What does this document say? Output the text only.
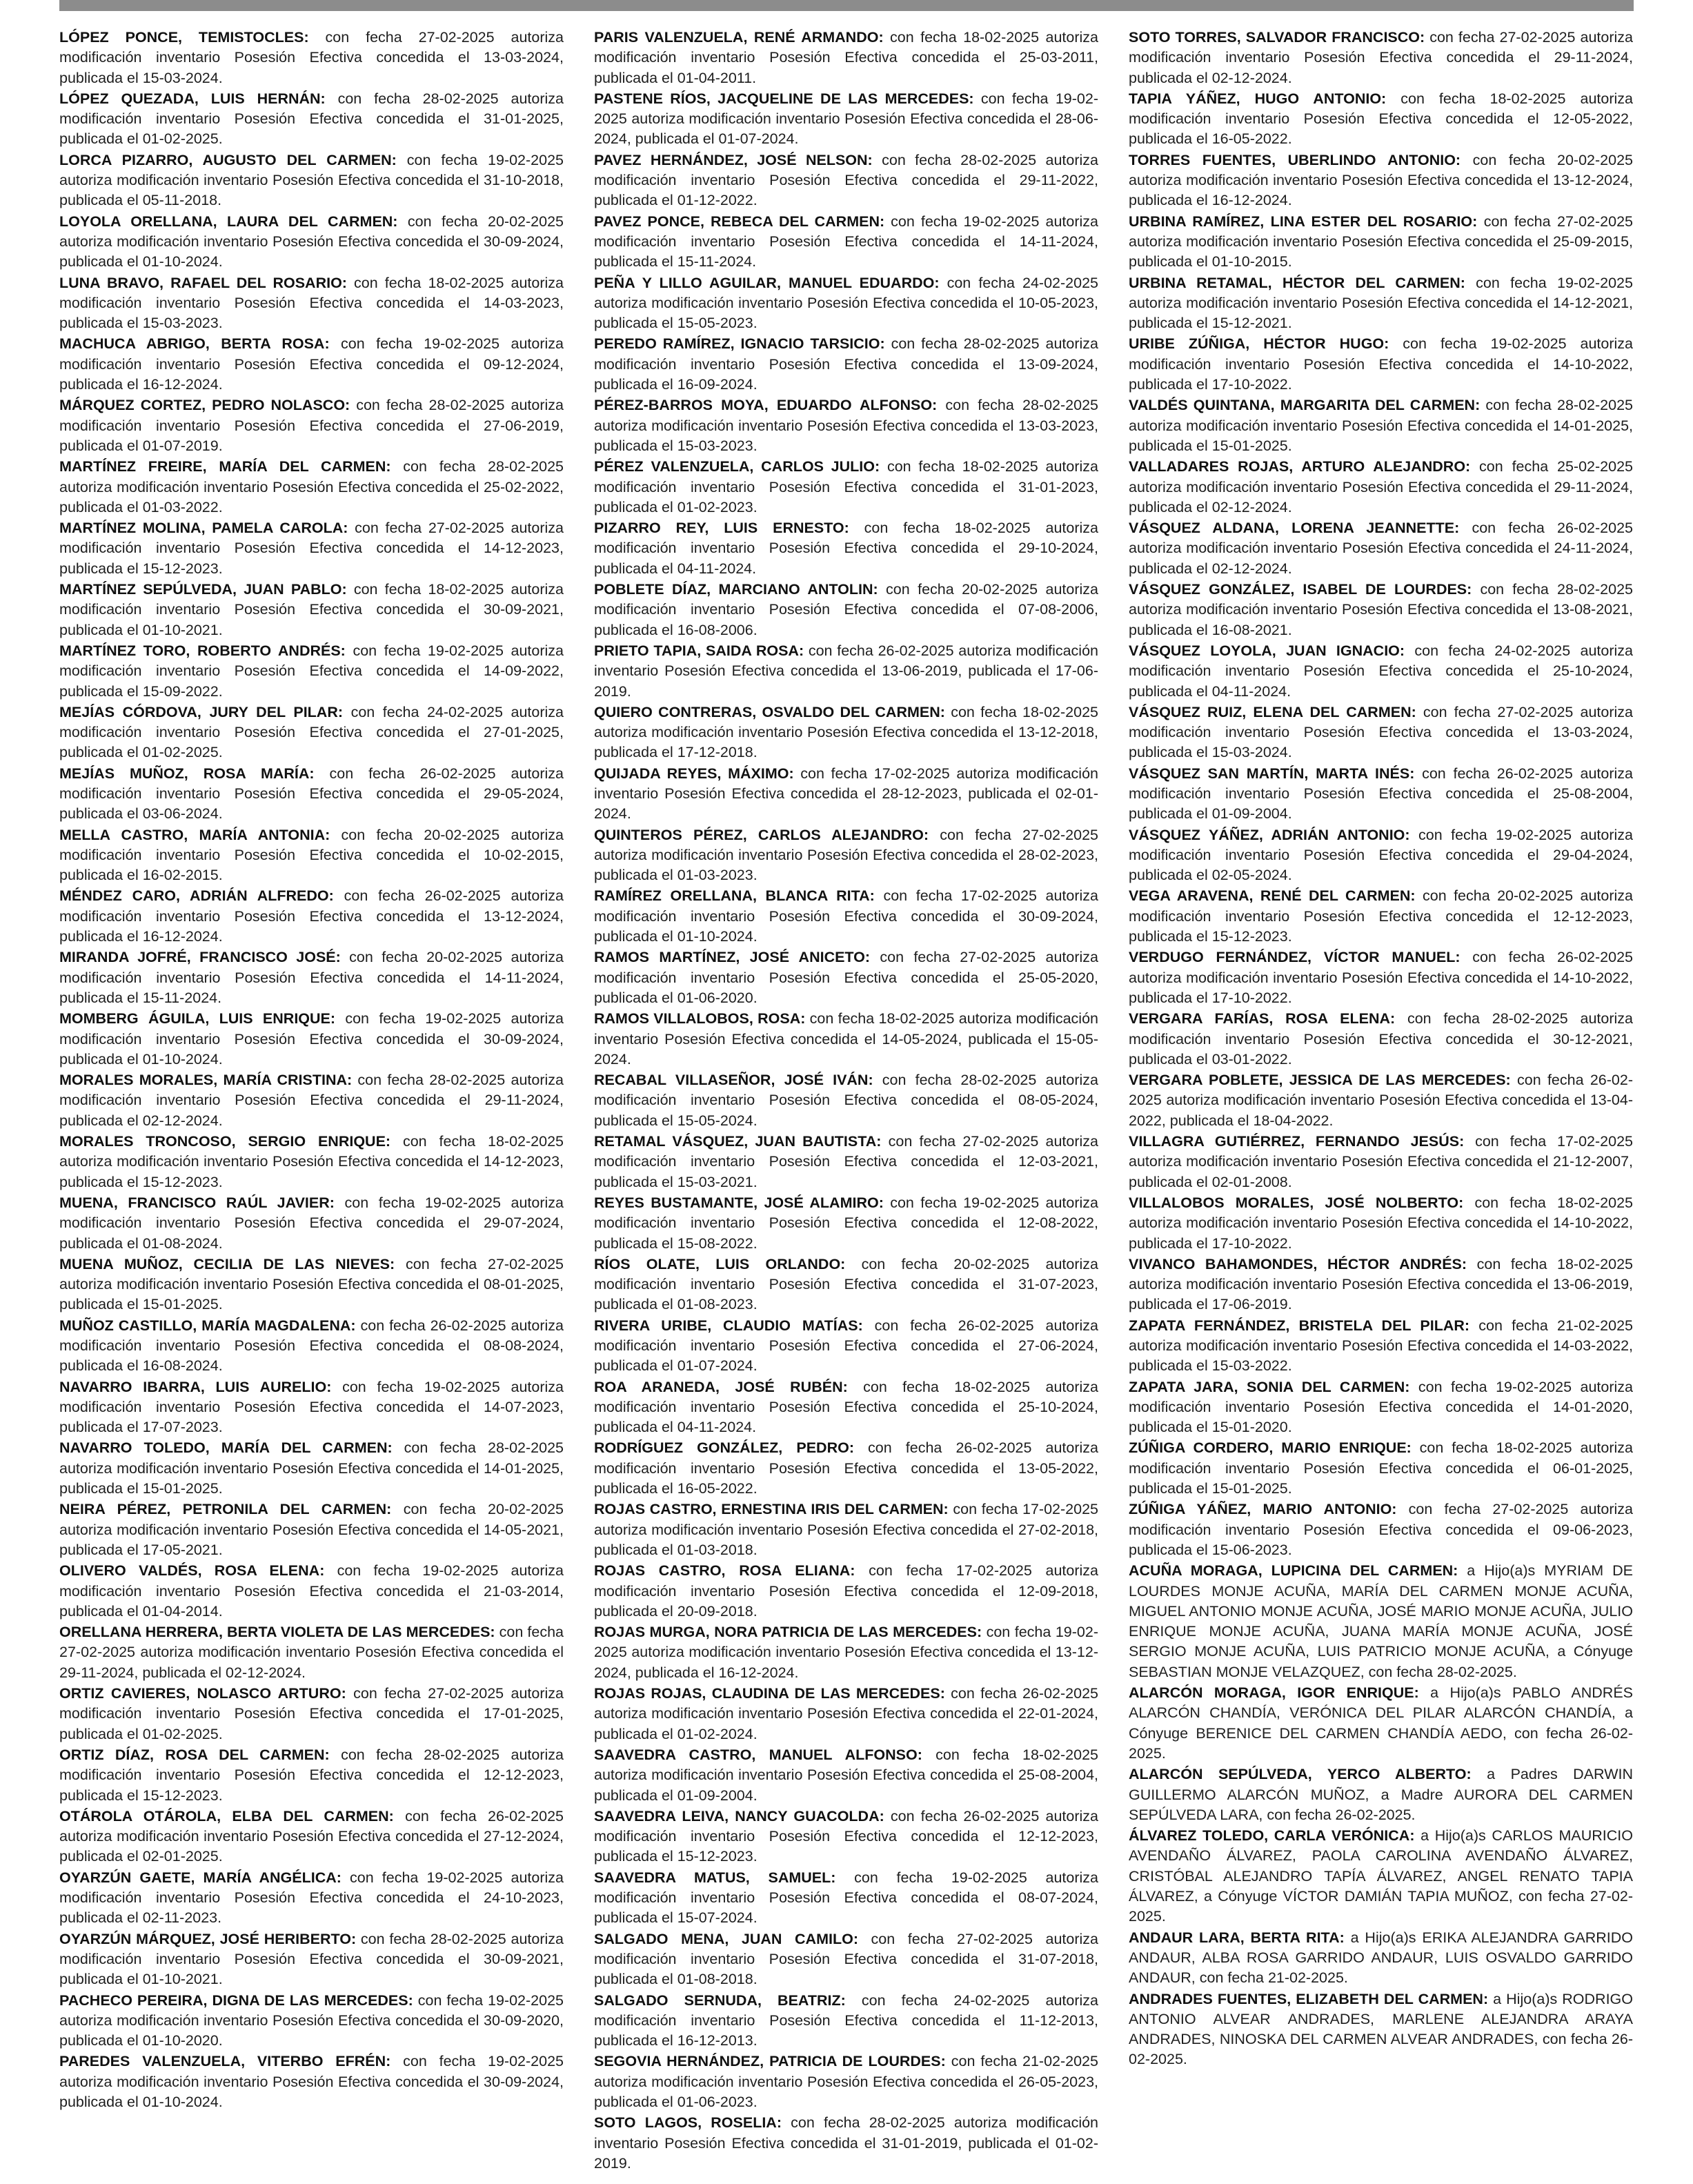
LÓPEZ PONCE, TEMISTOCLES: con fecha 27-02-2025 autoriza modificación inventario Posesión Efectiva concedida el 13-03-2024, publicada el 15-03-2024.

LÓPEZ QUEZADA, LUIS HERNÁN: con fecha 28-02-2025 autoriza modificación inventario Posesión Efectiva concedida el 31-01-2025, publicada el 01-02-2025.

LORCA PIZARRO, AUGUSTO DEL CARMEN: con fecha 19-02-2025 autoriza modificación inventario Posesión Efectiva concedida el 31-10-2018, publicada el 05-11-2018.

LOYOLA ORELLANA, LAURA DEL CARMEN: con fecha 20-02-2025 autoriza modificación inventario Posesión Efectiva concedida el 30-09-2024, publicada el 01-10-2024.

LUNA BRAVO, RAFAEL DEL ROSARIO: con fecha 18-02-2025 autoriza modificación inventario Posesión Efectiva concedida el 14-03-2023, publicada el 15-03-2023.

MACHUCA ABRIGO, BERTA ROSA: con fecha 19-02-2025 autoriza modificación inventario Posesión Efectiva concedida el 09-12-2024, publicada el 16-12-2024.

MÁRQUEZ CORTEZ, PEDRO NOLASCO: con fecha 28-02-2025 autoriza modificación inventario Posesión Efectiva concedida el 27-06-2019, publicada el 01-07-2019.

MARTÍNEZ FREIRE, MARÍA DEL CARMEN: con fecha 28-02-2025 autoriza modificación inventario Posesión Efectiva concedida el 25-02-2022, publicada el 01-03-2022.

MARTÍNEZ MOLINA, PAMELA CAROLA: con fecha 27-02-2025 autoriza modificación inventario Posesión Efectiva concedida el 14-12-2023, publicada el 15-12-2023.

MARTÍNEZ SEPÚLVEDA, JUAN PABLO: con fecha 18-02-2025 autoriza modificación inventario Posesión Efectiva concedida el 30-09-2021, publicada el 01-10-2021.

MARTÍNEZ TORO, ROBERTO ANDRÉS: con fecha 19-02-2025 autoriza modificación inventario Posesión Efectiva concedida el 14-09-2022, publicada el 15-09-2022.

MEJÍAS CÓRDOVA, JURY DEL PILAR: con fecha 24-02-2025 autoriza modificación inventario Posesión Efectiva concedida el 27-01-2025, publicada el 01-02-2025.

MEJÍAS MUÑOZ, ROSA MARÍA: con fecha 26-02-2025 autoriza modificación inventario Posesión Efectiva concedida el 29-05-2024, publicada el 03-06-2024.

MELLA CASTRO, MARÍA ANTONIA: con fecha 20-02-2025 autoriza modificación inventario Posesión Efectiva concedida el 10-02-2015, publicada el 16-02-2015.

MÉNDEZ CARO, ADRIÁN ALFREDO: con fecha 26-02-2025 autoriza modificación inventario Posesión Efectiva concedida el 13-12-2024, publicada el 16-12-2024.

MIRANDA JOFRÉ, FRANCISCO JOSÉ: con fecha 20-02-2025 autoriza modificación inventario Posesión Efectiva concedida el 14-11-2024, publicada el 15-11-2024.

MOMBERG ÁGUILA, LUIS ENRIQUE: con fecha 19-02-2025 autoriza modificación inventario Posesión Efectiva concedida el 30-09-2024, publicada el 01-10-2024.

MORALES MORALES, MARÍA CRISTINA: con fecha 28-02-2025 autoriza modificación inventario Posesión Efectiva concedida el 29-11-2024, publicada el 02-12-2024.

MORALES TRONCOSO, SERGIO ENRIQUE: con fecha 18-02-2025 autoriza modificación inventario Posesión Efectiva concedida el 14-12-2023, publicada el 15-12-2023.

MUENA, FRANCISCO RAÚL JAVIER: con fecha 19-02-2025 autoriza modificación inventario Posesión Efectiva concedida el 29-07-2024, publicada el 01-08-2024.

MUENA MUÑOZ, CECILIA DE LAS NIEVES: con fecha 27-02-2025 autoriza modificación inventario Posesión Efectiva concedida el 08-01-2025, publicada el 15-01-2025.

MUÑOZ CASTILLO, MARÍA MAGDALENA: con fecha 26-02-2025 autoriza modificación inventario Posesión Efectiva concedida el 08-08-2024, publicada el 16-08-2024.

NAVARRO IBARRA, LUIS AURELIO: con fecha 19-02-2025 autoriza modificación inventario Posesión Efectiva concedida el 14-07-2023, publicada el 17-07-2023.

NAVARRO TOLEDO, MARÍA DEL CARMEN: con fecha 28-02-2025 autoriza modificación inventario Posesión Efectiva concedida el 14-01-2025, publicada el 15-01-2025.

NEIRA PÉREZ, PETRONILA DEL CARMEN: con fecha 20-02-2025 autoriza modificación inventario Posesión Efectiva concedida el 14-05-2021, publicada el 17-05-2021.

OLIVERO VALDÉS, ROSA ELENA: con fecha 19-02-2025 autoriza modificación inventario Posesión Efectiva concedida el 21-03-2014, publicada el 01-04-2014.

ORELLANA HERRERA, BERTA VIOLETA DE LAS MERCEDES: con fecha 27-02-2025 autoriza modificación inventario Posesión Efectiva concedida el 29-11-2024, publicada el 02-12-2024.

ORTIZ CAVIERES, NOLASCO ARTURO: con fecha 27-02-2025 autoriza modificación inventario Posesión Efectiva concedida el 17-01-2025, publicada el 01-02-2025.

ORTIZ DÍAZ, ROSA DEL CARMEN: con fecha 28-02-2025 autoriza modificación inventario Posesión Efectiva concedida el 12-12-2023, publicada el 15-12-2023.

OTÁROLA OTÁROLA, ELBA DEL CARMEN: con fecha 26-02-2025 autoriza modificación inventario Posesión Efectiva concedida el 27-12-2024, publicada el 02-01-2025.

OYARZÚN GAETE, MARÍA ANGÉLICA: con fecha 19-02-2025 autoriza modificación inventario Posesión Efectiva concedida el 24-10-2023, publicada el 02-11-2023.

OYARZÚN MÁRQUEZ, JOSÉ HERIBERTO: con fecha 28-02-2025 autoriza modificación inventario Posesión Efectiva concedida el 30-09-2021, publicada el 01-10-2021.

PACHECO PEREIRA, DIGNA DE LAS MERCEDES: con fecha 19-02-2025 autoriza modificación inventario Posesión Efectiva concedida el 30-09-2020, publicada el 01-10-2020.

PAREDES VALENZUELA, VITERBO EFRÉN: con fecha 19-02-2025 autoriza modificación inventario Posesión Efectiva concedida el 30-09-2024, publicada el 01-10-2024.

PARIS VALENZUELA, RENÉ ARMANDO: con fecha 18-02-2025 autoriza modificación inventario Posesión Efectiva concedida el 25-03-2011, publicada el 01-04-2011.

PASTENE RÍOS, JACQUELINE DE LAS MERCEDES: con fecha 19-02-2025 autoriza modificación inventario Posesión Efectiva concedida el 28-06-2024, publicada el 01-07-2024.

PAVEZ HERNÁNDEZ, JOSÉ NELSON: con fecha 28-02-2025 autoriza modificación inventario Posesión Efectiva concedida el 29-11-2022, publicada el 01-12-2022.

PAVEZ PONCE, REBECA DEL CARMEN: con fecha 19-02-2025 autoriza modificación inventario Posesión Efectiva concedida el 14-11-2024, publicada el 15-11-2024.

PEÑA Y LILLO AGUILAR, MANUEL EDUARDO: con fecha 24-02-2025 autoriza modificación inventario Posesión Efectiva concedida el 10-05-2023, publicada el 15-05-2023.

PEREDO RAMÍREZ, IGNACIO TARSICIO: con fecha 28-02-2025 autoriza modificación inventario Posesión Efectiva concedida el 13-09-2024, publicada el 16-09-2024.

PÉREZ-BARROS MOYA, EDUARDO ALFONSO: con fecha 28-02-2025 autoriza modificación inventario Posesión Efectiva concedida el 13-03-2023, publicada el 15-03-2023.

PÉREZ VALENZUELA, CARLOS JULIO: con fecha 18-02-2025 autoriza modificación inventario Posesión Efectiva concedida el 31-01-2023, publicada el 01-02-2023.

PIZARRO REY, LUIS ERNESTO: con fecha 18-02-2025 autoriza modificación inventario Posesión Efectiva concedida el 29-10-2024, publicada el 04-11-2024.

POBLETE DÍAZ, MARCIANO ANTOLIN: con fecha 20-02-2025 autoriza modificación inventario Posesión Efectiva concedida el 07-08-2006, publicada el 16-08-2006.

PRIETO TAPIA, SAIDA ROSA: con fecha 26-02-2025 autoriza modificación inventario Posesión Efectiva concedida el 13-06-2019, publicada el 17-06-2019.

QUIERO CONTRERAS, OSVALDO DEL CARMEN: con fecha 18-02-2025 autoriza modificación inventario Posesión Efectiva concedida el 13-12-2018, publicada el 17-12-2018.

QUIJADA REYES, MÁXIMO: con fecha 17-02-2025 autoriza modificación inventario Posesión Efectiva concedida el 28-12-2023, publicada el 02-01-2024.

QUINTEROS PÉREZ, CARLOS ALEJANDRO: con fecha 27-02-2025 autoriza modificación inventario Posesión Efectiva concedida el 28-02-2023, publicada el 01-03-2023.

RAMÍREZ ORELLANA, BLANCA RITA: con fecha 17-02-2025 autoriza modificación inventario Posesión Efectiva concedida el 30-09-2024, publicada el 01-10-2024.

RAMOS MARTÍNEZ, JOSÉ ANICETO: con fecha 27-02-2025 autoriza modificación inventario Posesión Efectiva concedida el 25-05-2020, publicada el 01-06-2020.

RAMOS VILLALOBOS, ROSA: con fecha 18-02-2025 autoriza modificación inventario Posesión Efectiva concedida el 14-05-2024, publicada el 15-05-2024.

RECABAL VILLASEÑOR, JOSÉ IVÁN: con fecha 28-02-2025 autoriza modificación inventario Posesión Efectiva concedida el 08-05-2024, publicada el 15-05-2024.

RETAMAL VÁSQUEZ, JUAN BAUTISTA: con fecha 27-02-2025 autoriza modificación inventario Posesión Efectiva concedida el 12-03-2021, publicada el 15-03-2021.

REYES BUSTAMANTE, JOSÉ ALAMIRO: con fecha 19-02-2025 autoriza modificación inventario Posesión Efectiva concedida el 12-08-2022, publicada el 15-08-2022.

RÍOS OLATE, LUIS ORLANDO: con fecha 20-02-2025 autoriza modificación inventario Posesión Efectiva concedida el 31-07-2023, publicada el 01-08-2023.

RIVERA URIBE, CLAUDIO MATÍAS: con fecha 26-02-2025 autoriza modificación inventario Posesión Efectiva concedida el 27-06-2024, publicada el 01-07-2024.

ROA ARANEDA, JOSÉ RUBÉN: con fecha 18-02-2025 autoriza modificación inventario Posesión Efectiva concedida el 25-10-2024, publicada el 04-11-2024.

RODRÍGUEZ GONZÁLEZ, PEDRO: con fecha 26-02-2025 autoriza modificación inventario Posesión Efectiva concedida el 13-05-2022, publicada el 16-05-2022.

ROJAS CASTRO, ERNESTINA IRIS DEL CARMEN: con fecha 17-02-2025 autoriza modificación inventario Posesión Efectiva concedida el 27-02-2018, publicada el 01-03-2018.

ROJAS CASTRO, ROSA ELIANA: con fecha 17-02-2025 autoriza modificación inventario Posesión Efectiva concedida el 12-09-2018, publicada el 20-09-2018.

ROJAS MURGA, NORA PATRICIA DE LAS MERCEDES: con fecha 19-02-2025 autoriza modificación inventario Posesión Efectiva concedida el 13-12-2024, publicada el 16-12-2024.

ROJAS ROJAS, CLAUDINA DE LAS MERCEDES: con fecha 26-02-2025 autoriza modificación inventario Posesión Efectiva concedida el 22-01-2024, publicada el 01-02-2024.

SAAVEDRA CASTRO, MANUEL ALFONSO: con fecha 18-02-2025 autoriza modificación inventario Posesión Efectiva concedida el 25-08-2004, publicada el 01-09-2004.

SAAVEDRA LEIVA, NANCY GUACOLDA: con fecha 26-02-2025 autoriza modificación inventario Posesión Efectiva concedida el 12-12-2023, publicada el 15-12-2023.

SAAVEDRA MATUS, SAMUEL: con fecha 19-02-2025 autoriza modificación inventario Posesión Efectiva concedida el 08-07-2024, publicada el 15-07-2024.

SALGADO MENA, JUAN CAMILO: con fecha 27-02-2025 autoriza modificación inventario Posesión Efectiva concedida el 31-07-2018, publicada el 01-08-2018.

SALGADO SERNUDA, BEATRIZ: con fecha 24-02-2025 autoriza modificación inventario Posesión Efectiva concedida el 11-12-2013, publicada el 16-12-2013.

SEGOVIA HERNÁNDEZ, PATRICIA DE LOURDES: con fecha 21-02-2025 autoriza modificación inventario Posesión Efectiva concedida el 26-05-2023, publicada el 01-06-2023.

SOTO LAGOS, ROSELIA: con fecha 28-02-2025 autoriza modificación inventario Posesión Efectiva concedida el 31-01-2019, publicada el 01-02-2019.

SOTO TORRES, SALVADOR FRANCISCO: con fecha 27-02-2025 autoriza modificación inventario Posesión Efectiva concedida el 29-11-2024, publicada el 02-12-2024.

TAPIA YÁÑEZ, HUGO ANTONIO: con fecha 18-02-2025 autoriza modificación inventario Posesión Efectiva concedida el 12-05-2022, publicada el 16-05-2022.

TORRES FUENTES, UBERLINDO ANTONIO: con fecha 20-02-2025 autoriza modificación inventario Posesión Efectiva concedida el 13-12-2024, publicada el 16-12-2024.

URBINA RAMÍREZ, LINA ESTER DEL ROSARIO: con fecha 27-02-2025 autoriza modificación inventario Posesión Efectiva concedida el 25-09-2015, publicada el 01-10-2015.

URBINA RETAMAL, HÉCTOR DEL CARMEN: con fecha 19-02-2025 autoriza modificación inventario Posesión Efectiva concedida el 14-12-2021, publicada el 15-12-2021.

URIBE ZÚÑIGA, HÉCTOR HUGO: con fecha 19-02-2025 autoriza modificación inventario Posesión Efectiva concedida el 14-10-2022, publicada el 17-10-2022.

VALDÉS QUINTANA, MARGARITA DEL CARMEN: con fecha 28-02-2025 autoriza modificación inventario Posesión Efectiva concedida el 14-01-2025, publicada el 15-01-2025.

VALLADARES ROJAS, ARTURO ALEJANDRO: con fecha 25-02-2025 autoriza modificación inventario Posesión Efectiva concedida el 29-11-2024, publicada el 02-12-2024.

VÁSQUEZ ALDANA, LORENA JEANNETTE: con fecha 26-02-2025 autoriza modificación inventario Posesión Efectiva concedida el 24-11-2024, publicada el 02-12-2024.

VÁSQUEZ GONZÁLEZ, ISABEL DE LOURDES: con fecha 28-02-2025 autoriza modificación inventario Posesión Efectiva concedida el 13-08-2021, publicada el 16-08-2021.

VÁSQUEZ LOYOLA, JUAN IGNACIO: con fecha 24-02-2025 autoriza modificación inventario Posesión Efectiva concedida el 25-10-2024, publicada el 04-11-2024.

VÁSQUEZ RUIZ, ELENA DEL CARMEN: con fecha 27-02-2025 autoriza modificación inventario Posesión Efectiva concedida el 13-03-2024, publicada el 15-03-2024.

VÁSQUEZ SAN MARTÍN, MARTA INÉS: con fecha 26-02-2025 autoriza modificación inventario Posesión Efectiva concedida el 25-08-2004, publicada el 01-09-2004.

VÁSQUEZ YÁÑEZ, ADRIÁN ANTONIO: con fecha 19-02-2025 autoriza modificación inventario Posesión Efectiva concedida el 29-04-2024, publicada el 02-05-2024.

VEGA ARAVENA, RENÉ DEL CARMEN: con fecha 20-02-2025 autoriza modificación inventario Posesión Efectiva concedida el 12-12-2023, publicada el 15-12-2023.

VERDUGO FERNÁNDEZ, VÍCTOR MANUEL: con fecha 26-02-2025 autoriza modificación inventario Posesión Efectiva concedida el 14-10-2022, publicada el 17-10-2022.

VERGARA FARÍAS, ROSA ELENA: con fecha 28-02-2025 autoriza modificación inventario Posesión Efectiva concedida el 30-12-2021, publicada el 03-01-2022.

VERGARA POBLETE, JESSICA DE LAS MERCEDES: con fecha 26-02-2025 autoriza modificación inventario Posesión Efectiva concedida el 13-04-2022, publicada el 18-04-2022.

VILLAGRA GUTIÉRREZ, FERNANDO JESÚS: con fecha 17-02-2025 autoriza modificación inventario Posesión Efectiva concedida el 21-12-2007, publicada el 02-01-2008.

VILLALOBOS MORALES, JOSÉ NOLBERTO: con fecha 18-02-2025 autoriza modificación inventario Posesión Efectiva concedida el 14-10-2022, publicada el 17-10-2022.

VIVANCO BAHAMONDES, HÉCTOR ANDRÉS: con fecha 18-02-2025 autoriza modificación inventario Posesión Efectiva concedida el 13-06-2019, publicada el 17-06-2019.

ZAPATA FERNÁNDEZ, BRISTELA DEL PILAR: con fecha 21-02-2025 autoriza modificación inventario Posesión Efectiva concedida el 14-03-2022, publicada el 15-03-2022.

ZAPATA JARA, SONIA DEL CARMEN: con fecha 19-02-2025 autoriza modificación inventario Posesión Efectiva concedida el 14-01-2020, publicada el 15-01-2020.

ZÚÑIGA CORDERO, MARIO ENRIQUE: con fecha 18-02-2025 autoriza modificación inventario Posesión Efectiva concedida el 06-01-2025, publicada el 15-01-2025.

ZÚÑIGA YÁÑEZ, MARIO ANTONIO: con fecha 27-02-2025 autoriza modificación inventario Posesión Efectiva concedida el 09-06-2023, publicada el 15-06-2023.

ACUÑA MORAGA, LUPICINA DEL CARMEN: a Hijo(a)s MYRIAM DE LOURDES MONJE ACUÑA, MARÍA DEL CARMEN MONJE ACUÑA, MIGUEL ANTONIO MONJE ACUÑA, JOSÉ MARIO MONJE ACUÑA, JULIO ENRIQUE MONJE ACUÑA, JUANA MARÍA MONJE ACUÑA, JOSÉ SERGIO MONJE ACUÑA, LUIS PATRICIO MONJE ACUÑA, a Cónyuge SEBASTIAN MONJE VELAZQUEZ, con fecha 28-02-2025.

ALARCÓN MORAGA, IGOR ENRIQUE: a Hijo(a)s PABLO ANDRÉS ALARCÓN CHANDÍA, VERÓNICA DEL PILAR ALARCÓN CHANDÍA, a Cónyuge BERENICE DEL CARMEN CHANDÍA AEDO, con fecha 26-02-2025.

ALARCÓN SEPÚLVEDA, YERCO ALBERTO: a Padres DARWIN GUILLERMO ALARCÓN MUÑOZ, a Madre AURORA DEL CARMEN SEPÚLVEDA LARA, con fecha 26-02-2025.

ÁLVAREZ TOLEDO, CARLA VERÓNICA: a Hijo(a)s CARLOS MAURICIO AVENDAÑO ÁLVAREZ, PAOLA CAROLINA AVENDAÑO ÁLVAREZ, CRISTÓBAL ALEJANDRO TAPÍA ÁLVAREZ, ANGEL RENATO TAPIA ÁLVAREZ, a Cónyuge VÍCTOR DAMIÁN TAPIA MUÑOZ, con fecha 27-02-2025.

ANDAUR LARA, BERTA RITA: a Hijo(a)s ERIKA ALEJANDRA GARRIDO ANDAUR, ALBA ROSA GARRIDO ANDAUR, LUIS OSVALDO GARRIDO ANDAUR, con fecha 21-02-2025.

ANDRADES FUENTES, ELIZABETH DEL CARMEN: a Hijo(a)s RODRIGO ANTONIO ALVEAR ANDRADES, MARLENE ALEJANDRA ARAYA ANDRADES, NINOSKA DEL CARMEN ALVEAR ANDRADES, con fecha 26-02-2025.
